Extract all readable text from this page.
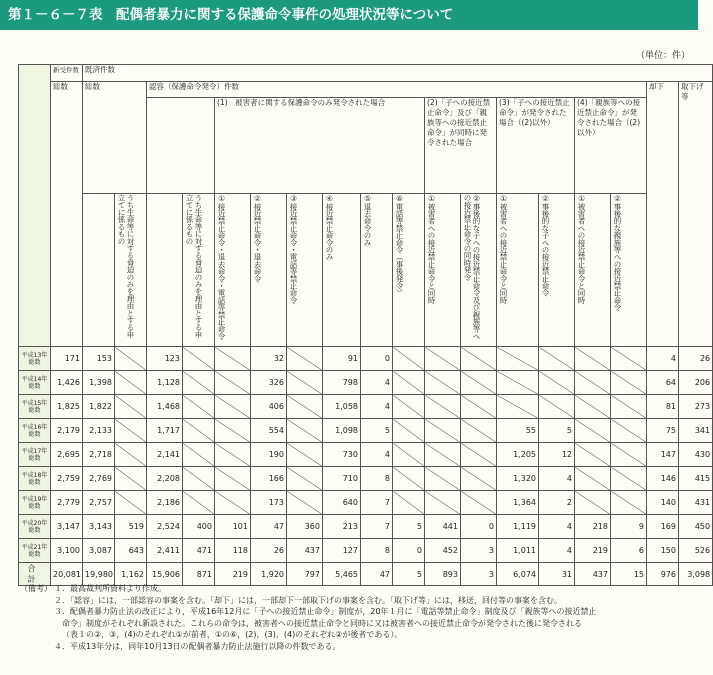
第１－６－７表　配偶者暴力に関する保護命令事件の処理状況等について
（単位：件）
	新受件数	既済件数																	
	総数	総数		認容（保護命令発令）件数														却下	取下げ等
						(1)　被害者に関する保護命令のみ発令された場合						(2)「子への接近禁止命令」及び「親族等への接近禁止命令」が同時に発令された場合		(3)「子への接近禁止命令」が発令された場合（(2)以外）		(4)「親族等への接近禁止命令」が発令された場合（(2)以外）			

			うち生命等に対する脅迫のみを理由とする申立てに係るもの		うち生命等に対する脅迫のみを理由とする申立てに係るもの	①接近禁止命令・退去命令・電話等禁止命令	②接近禁止命令・退去命令	③接近禁止命令・電話等禁止命令	④接近禁止命令のみ	⑤退去命令のみ	⑥電話等禁止命令（事後発令）	①被害者への接近禁止命令と同時	②事後的な子への接近禁止命令及び親族等への接近禁止命令の同時発令	①被害者への接近禁止命令と同時	②事後的な子への接近禁止命令	①被害者への接近禁止命令と同時	②事後的な親族等への接近禁止命令		

平成13年総数	171	153		123			32		91	0								4	26
平成14年総数	1,426	1,398		1,128			326		798	4								64	206
平成15年総数	1,825	1,822		1,468			406		1,058	4								81	273
平成16年総数	2,179	2,133		1,717			554		1,098	5				55	5			75	341
平成17年総数	2,695	2,718		2,141			190		730	4				1,205	12			147	430
平成18年総数	2,759	2,769		2,208			166		710	8				1,320	4			146	415
平成19年総数	2,779	2,757		2,186			173		640	7				1,364	2			140	431
平成20年総数	3,147	3,143	519	2,524	400	101	47	360	213	7	5	441	0	1,119	4	218	9	169	450
平成21年総数	3,100	3,087	643	2,411	471	118	26	437	127	8	0	452	3	1,011	4	219	6	150	526
合計	20,081	19,980	1,162	15,906	871	219	1,920	797	5,465	47	5	893	3	6,074	31	437	15	976	3,098
（備考） １．最高裁判所資料より作成。
２．「認容」には，一部認容の事案を含む。「却下」には，一部却下一部取下げの事案を含む。「取下げ等」には，移送，回付等の事案を含む。
３．配偶者暴力防止法の改正により，平成16年12月に「子への接近禁止命令」制度が，20年１月に「電話等禁止命令」制度及び「親族等への接近禁止
命令」制度がそれぞれ新設された。これらの命令は，被害者への接近禁止命令と同時に又は被害者への接近禁止命令が発令された後に発令される
（表１の②，③，(4)のそれぞれ①が前者，①の⑥，(2)，(3)，(4)のそれぞれ②が後者である）。
４．平成13年分は，同年10月13日の配偶者暴力防止法施行以降の件数である。
